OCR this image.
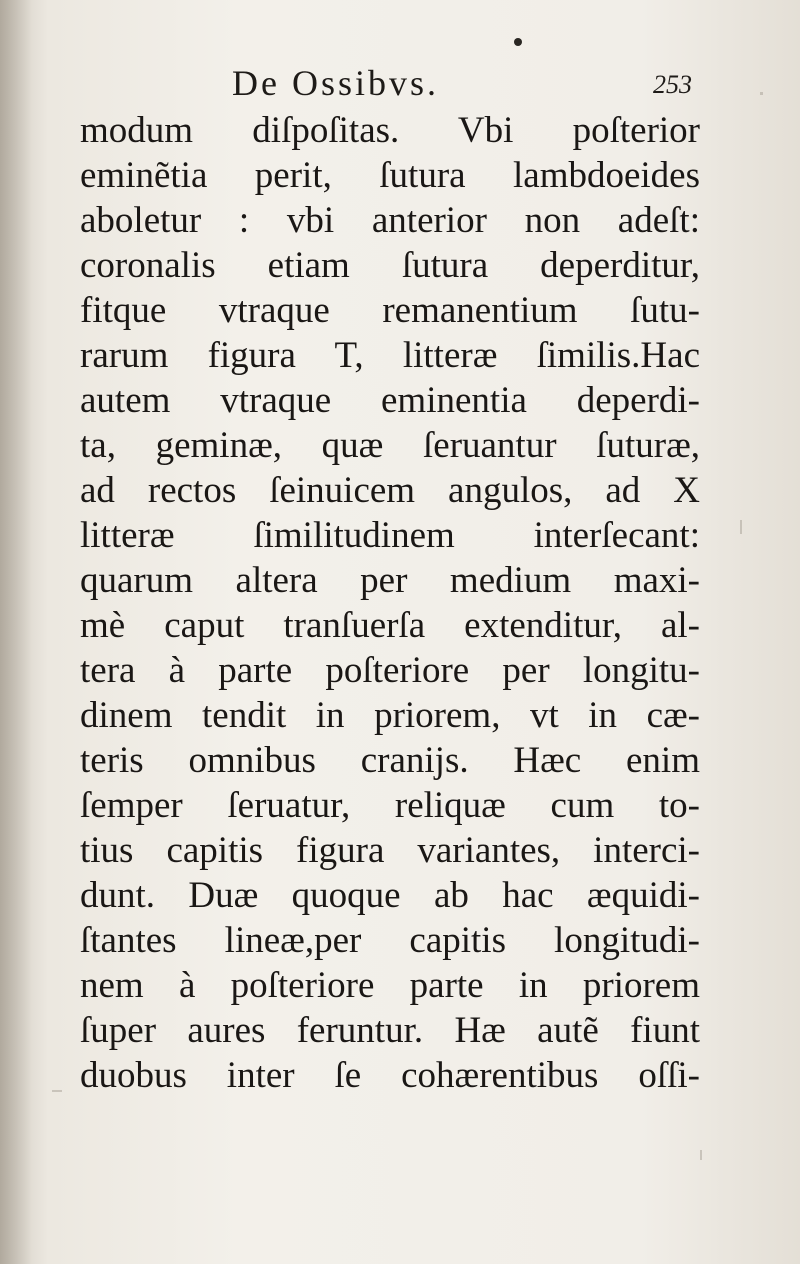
De Ossibvs.	253
modum diſpoſitas. Vbi poſterior
eminẽtia perit, ſutura lambdoeides
aboletur : vbi anterior non adeſt:
coronalis etiam ſutura deperditur,
fitque vtraque remanentium ſutu-
rarum figura T, litteræ ſimilis.Hac
autem vtraque eminentia deperdi-
ta, geminæ, quæ ſeruantur ſuturæ,
ad rectos ſeinuicem angulos, ad X
litteræ ſimilitudinem interſecant:
quarum altera per medium maxi-
mè caput tranſuerſa extenditur, al-
tera à parte poſteriore per longitu-
dinem tendit in priorem, vt in cæ-
teris omnibus cranijs. Hæc enim
ſemper ſeruatur, reliquæ cum to-
tius capitis figura variantes, interci-
dunt. Duæ quoque ab hac æquidi-
ſtantes lineæ,per capitis longitudi-
nem à poſteriore parte in priorem
ſuper aures feruntur. Hæ autẽ fiunt
duobus inter ſe cohærentibus oſſi-
